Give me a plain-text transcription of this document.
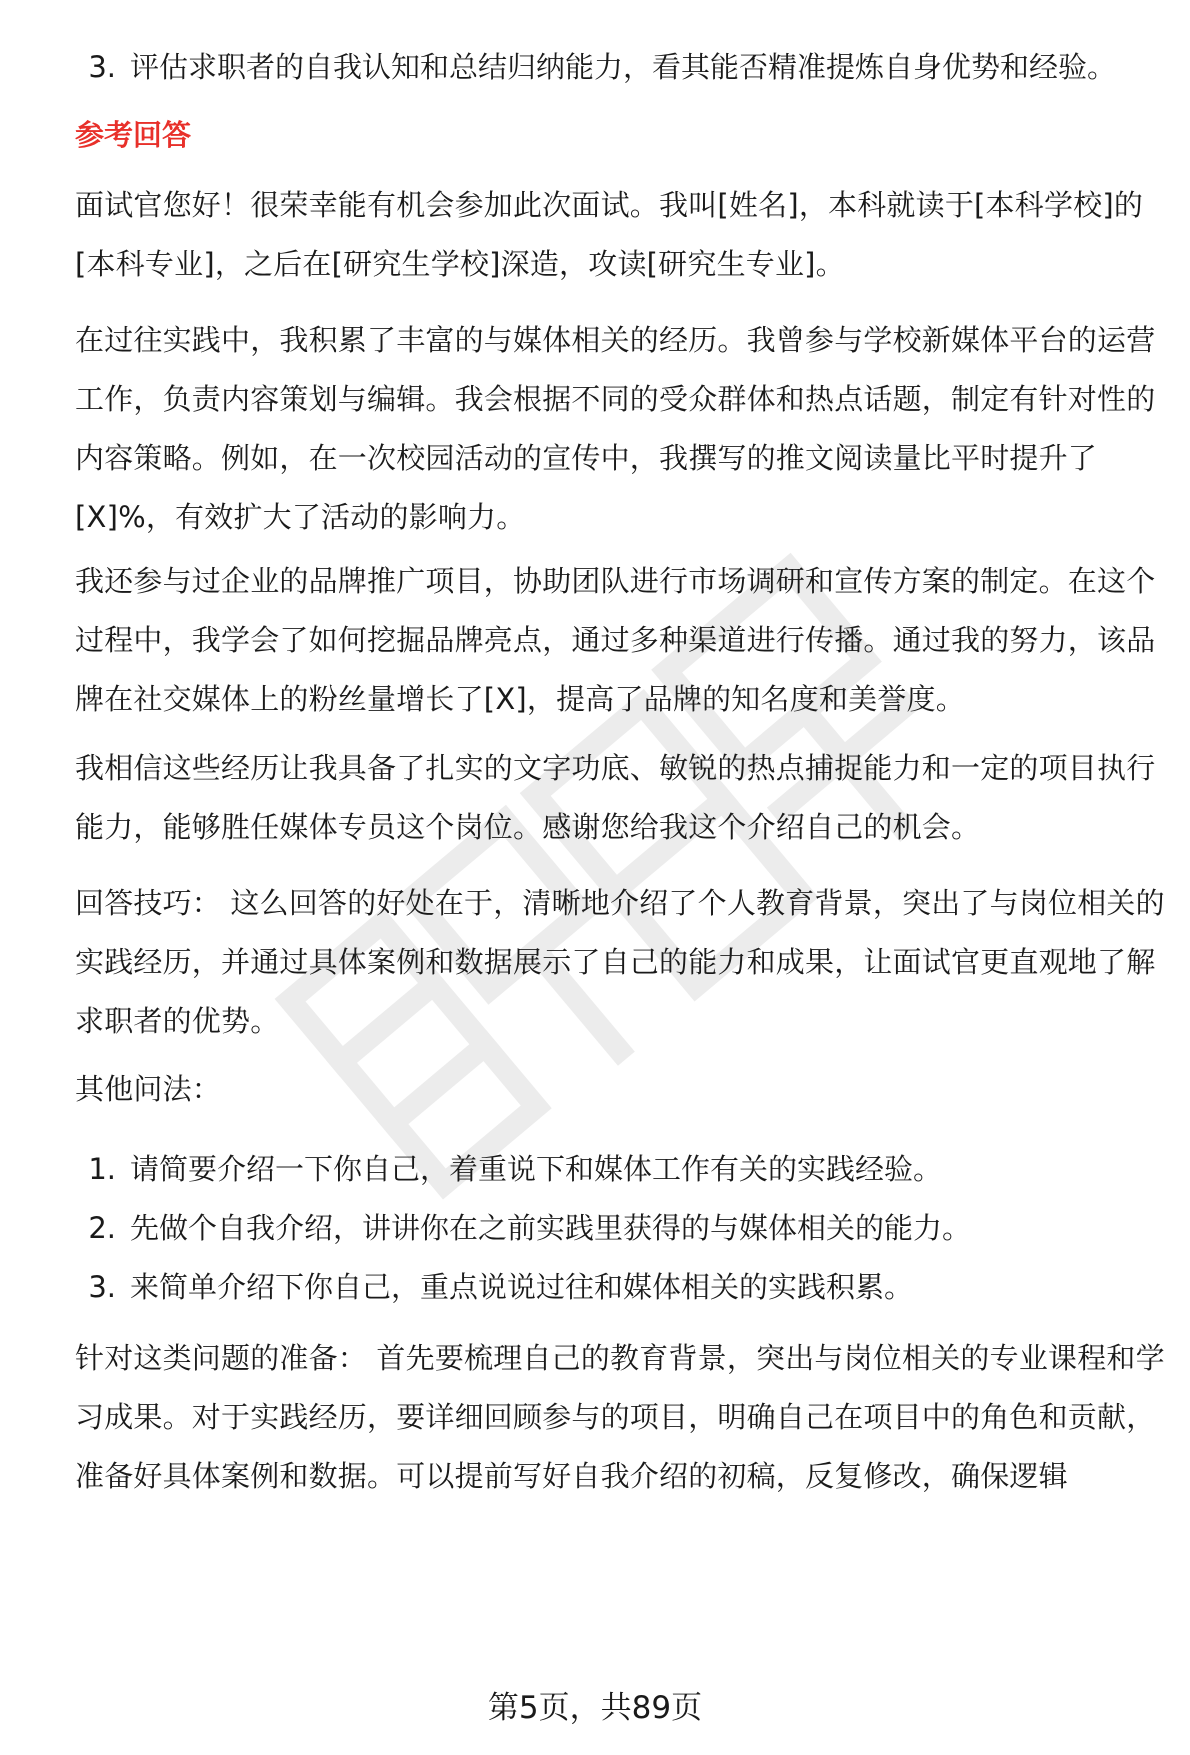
3. 评估求职者的自我认知和总结归纳能力，看其能否精准提炼自身优势和经验。
参考回答

面试官您好！很荣幸能有机会参加此次面试。我叫[姓名]，本科就读于[本科学校]的[本科专业]，之后在[研究生学校]深造，攻读[研究生专业]。

在过往实践中，我积累了丰富的与媒体相关的经历。我曾参与学校新媒体平台的运营工作，负责内容策划与编辑。我会根据不同的受众群体和热点话题，制定有针对性的内容策略。例如，在一次校园活动的宣传中，我撰写的推文阅读量比平时提升了[X]%，有效扩大了活动的影响力。

我还参与过企业的品牌推广项目，协助团队进行市场调研和宣传方案的制定。在这个过程中，我学会了如何挖掘品牌亮点，通过多种渠道进行传播。通过我的努力，该品牌在社交媒体上的粉丝量增长了[X]，提高了品牌的知名度和美誉度。

我相信这些经历让我具备了扎实的文字功底、敏锐的热点捕捉能力和一定的项目执行能力，能够胜任媒体专员这个岗位。感谢您给我这个介绍自己的机会。

回答技巧： 这么回答的好处在于，清晰地介绍了个人教育背景，突出了与岗位相关的实践经历，并通过具体案例和数据展示了自己的能力和成果，让面试官更直观地了解求职者的优势。

其他问法：

1. 请简要介绍一下你自己，着重说下和媒体工作有关的实践经验。
2. 先做个自我介绍，讲讲你在之前实践里获得的与媒体相关的能力。
3. 来简单介绍下你自己，重点说说过往和媒体相关的实践积累。

针对这类问题的准备： 首先要梳理自己的教育背景，突出与岗位相关的专业课程和学习成果。对于实践经历，要详细回顾参与的项目，明确自己在项目中的角色和贡献，准备好具体案例和数据。可以提前写好自我介绍的初稿，反复修改，确保逻辑

第5页，共89页
